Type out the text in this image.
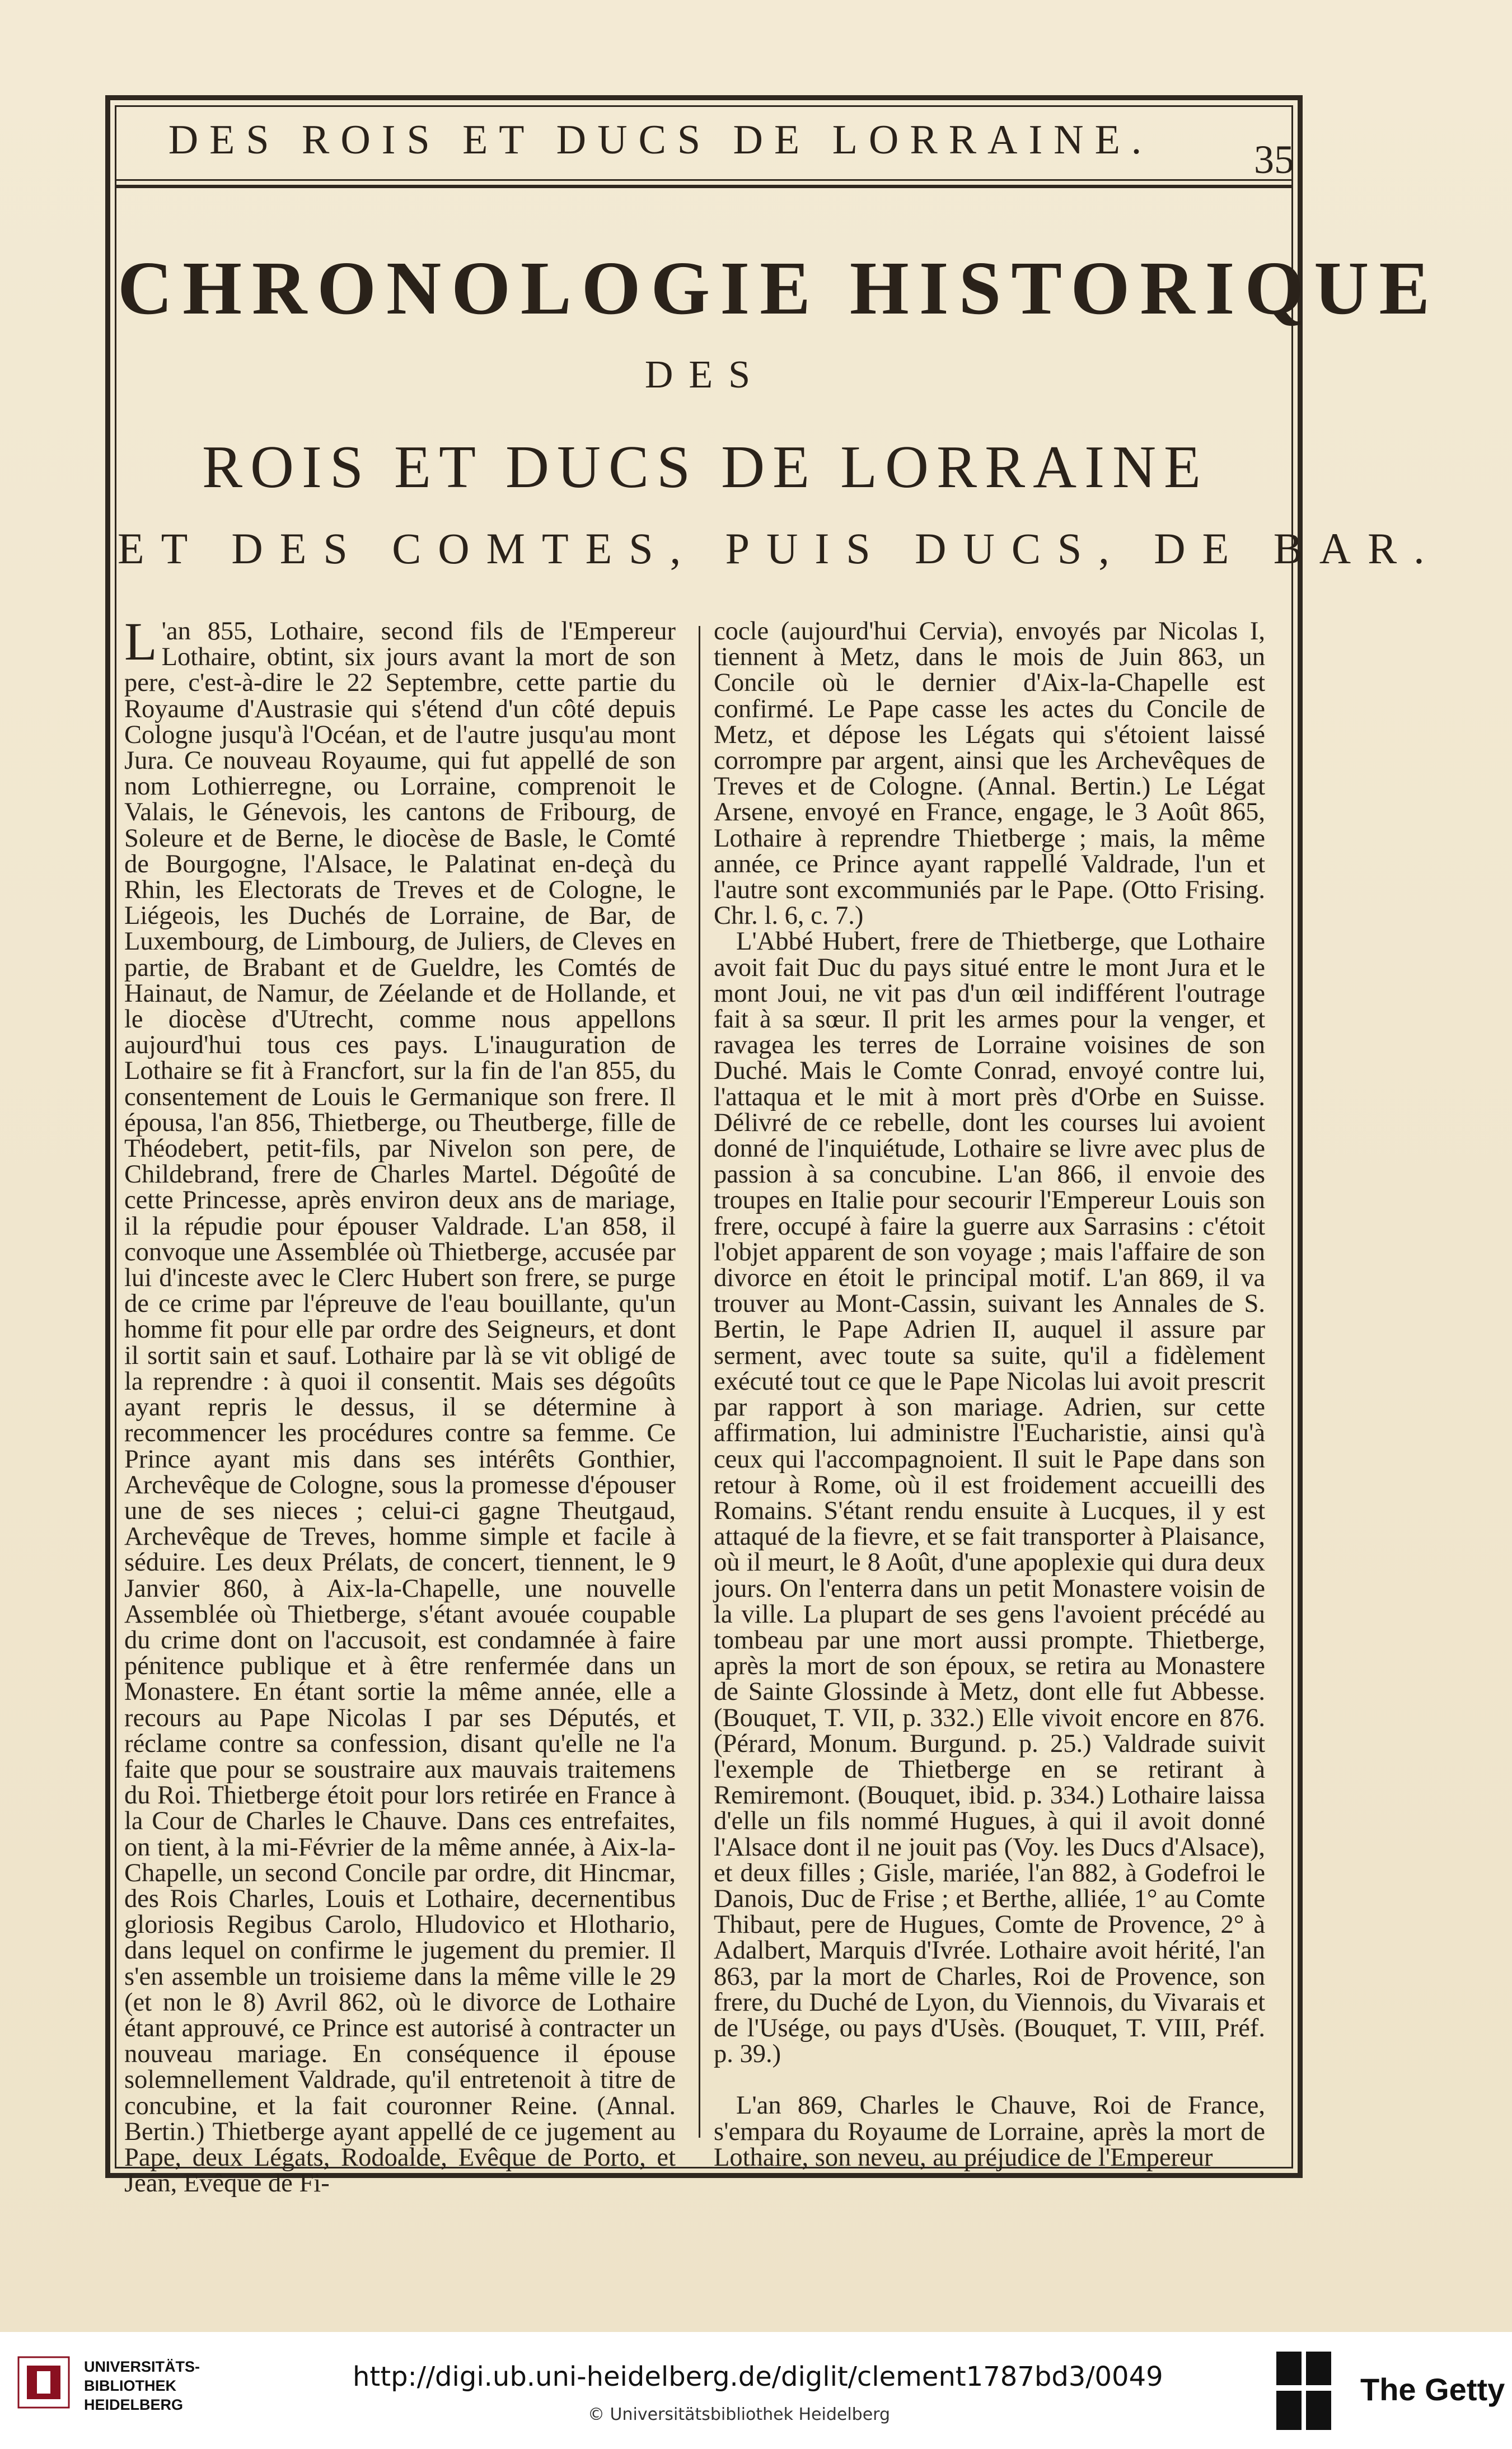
DES ROIS ET DUCS DE LORRAINE.	35
CHRONOLOGIE HISTORIQUE
DES
ROIS ET DUCS DE LORRAINE
ET DES COMTES, PUIS DUCS, DE BAR.

L 'an 855, Lothaire, second fils de l'Empereur Lothaire, obtint, six jours avant la mort de son pere, c'est-à-dire le 22 Septembre, cette partie du Royaume d'Austrasie qui s'étend d'un côté depuis Cologne jusqu'à l'Océan, et de l'autre jusqu'au mont Jura. Ce nouveau Royaume, qui fut appellé de son nom Lothierregne, ou Lorraine, comprenoit le Valais, le Génevois, les cantons de Fribourg, de Soleure et de Berne, le diocèse de Basle, le Comté de Bourgogne, l'Alsace, le Palatinat en-deçà du Rhin, les Electorats de Treves et de Cologne, le Liégeois, les Duchés de Lorraine, de Bar, de Luxembourg, de Limbourg, de Juliers, de Cleves en partie, de Brabant et de Gueldre, les Comtés de Hainaut, de Namur, de Zéelande et de Hollande, et le diocèse d'Utrecht, comme nous appellons aujourd'hui tous ces pays. L'inauguration de Lothaire se fit à Francfort, sur la fin de l'an 855, du consentement de Louis le Germanique son frere. Il épousa, l'an 856, Thietberge, ou Theutberge, fille de Théodebert, petit-fils, par Nivelon son pere, de Childebrand, frere de Charles Martel. Dégoûté de cette Princesse, après environ deux ans de mariage, il la répudie pour épouser Valdrade. L'an 858, il convoque une Assemblée où Thietberge, accusée par lui d'inceste avec le Clerc Hubert son frere, se purge de ce crime par l'épreuve de l'eau bouillante, qu'un homme fit pour elle par ordre des Seigneurs, et dont il sortit sain et sauf. Lothaire par là se vit obligé de la reprendre : à quoi il consentit. Mais ses dégoûts ayant repris le dessus, il se détermine à recommencer les procédures contre sa femme. Ce Prince ayant mis dans ses intérêts Gonthier, Archevêque de Cologne, sous la promesse d'épouser une de ses nieces ; celui-ci gagne Theutgaud, Archevêque de Treves, homme simple et facile à séduire. Les deux Prélats, de concert, tiennent, le 9 Janvier 860, à Aix-la-Chapelle, une nouvelle Assemblée où Thietberge, s'étant avouée coupable du crime dont on l'accusoit, est condamnée à faire pénitence publique et à être renfermée dans un Monastere. En étant sortie la même année, elle a recours au Pape Nicolas I par ses Députés, et réclame contre sa confession, disant qu'elle ne l'a faite que pour se soustraire aux mauvais traitemens du Roi. Thietberge étoit pour lors retirée en France à la Cour de Charles le Chauve. Dans ces entrefaites, on tient, à la mi-Février de la même année, à Aix-la-Chapelle, un second Concile par ordre, dit Hincmar, des Rois Charles, Louis et Lothaire, decernentibus gloriosis Regibus Carolo, Hludovico et Hlothario, dans lequel on confirme le jugement du premier. Il s'en assemble un troisieme dans la même ville le 29 (et non le 8) Avril 862, où le divorce de Lothaire étant approuvé, ce Prince est autorisé à contracter un nouveau mariage. En conséquence il épouse solemnellement Valdrade, qu'il entretenoit à titre de concubine, et la fait couronner Reine. (Annal. Bertin.) Thietberge ayant appellé de ce jugement au Pape, deux Légats, Rodoalde, Evêque de Porto, et Jean, Evêque de Fi-

cocle (aujourd'hui Cervia), envoyés par Nicolas I, tiennent à Metz, dans le mois de Juin 863, un Concile où le dernier d'Aix-la-Chapelle est confirmé. Le Pape casse les actes du Concile de Metz, et dépose les Légats qui s'étoient laissé corrompre par argent, ainsi que les Archevêques de Treves et de Cologne. (Annal. Bertin.) Le Légat Arsene, envoyé en France, engage, le 3 Août 865, Lothaire à reprendre Thietberge ; mais, la même année, ce Prince ayant rappellé Valdrade, l'un et l'autre sont excommuniés par le Pape. (Otto Frising. Chr. l. 6, c. 7.)

L'Abbé Hubert, frere de Thietberge, que Lothaire avoit fait Duc du pays situé entre le mont Jura et le mont Joui, ne vit pas d'un œil indifférent l'outrage fait à sa sœur. Il prit les armes pour la venger, et ravagea les terres de Lorraine voisines de son Duché. Mais le Comte Conrad, envoyé contre lui, l'attaqua et le mit à mort près d'Orbe en Suisse. Délivré de ce rebelle, dont les courses lui avoient donné de l'inquiétude, Lothaire se livre avec plus de passion à sa concubine. L'an 866, il envoie des troupes en Italie pour secourir l'Empereur Louis son frere, occupé à faire la guerre aux Sarrasins : c'étoit l'objet apparent de son voyage ; mais l'affaire de son divorce en étoit le principal motif. L'an 869, il va trouver au Mont-Cassin, suivant les Annales de S. Bertin, le Pape Adrien II, auquel il assure par serment, avec toute sa suite, qu'il a fidèlement exécuté tout ce que le Pape Nicolas lui avoit prescrit par rapport à son mariage. Adrien, sur cette affirmation, lui administre l'Eucharistie, ainsi qu'à ceux qui l'accompagnoient. Il suit le Pape dans son retour à Rome, où il est froidement accueilli des Romains. S'étant rendu ensuite à Lucques, il y est attaqué de la fievre, et se fait transporter à Plaisance, où il meurt, le 8 Août, d'une apoplexie qui dura deux jours. On l'enterra dans un petit Monastere voisin de la ville. La plupart de ses gens l'avoient précédé au tombeau par une mort aussi prompte. Thietberge, après la mort de son époux, se retira au Monastere de Sainte Glossinde à Metz, dont elle fut Abbesse. (Bouquet, T. VII, p. 332.) Elle vivoit encore en 876. (Pérard, Monum. Burgund. p. 25.) Valdrade suivit l'exemple de Thietberge en se retirant à Remiremont. (Bouquet, ibid. p. 334.) Lothaire laissa d'elle un fils nommé Hugues, à qui il avoit donné l'Alsace dont il ne jouit pas (Voy. les Ducs d'Alsace), et deux filles ; Gisle, mariée, l'an 882, à Godefroi le Danois, Duc de Frise ; et Berthe, alliée, 1° au Comte Thibaut, pere de Hugues, Comte de Provence, 2° à Adalbert, Marquis d'Ivrée. Lothaire avoit hérité, l'an 863, par la mort de Charles, Roi de Provence, son frere, du Duché de Lyon, du Viennois, du Vivarais et de l'Usége, ou pays d'Usès. (Bouquet, T. VIII, Préf. p. 39.)

L'an 869, Charles le Chauve, Roi de France, s'empara du Royaume de Lorraine, après la mort de Lothaire, son neveu, au préjudice de l'Empereur

UNIVERSITÄTS-
BIBLIOTHEK
HEIDELBERG
http://digi.ub.uni-heidelberg.de/diglit/clement1787bd3/0049
© Universitätsbibliothek Heidelberg
The Getty
